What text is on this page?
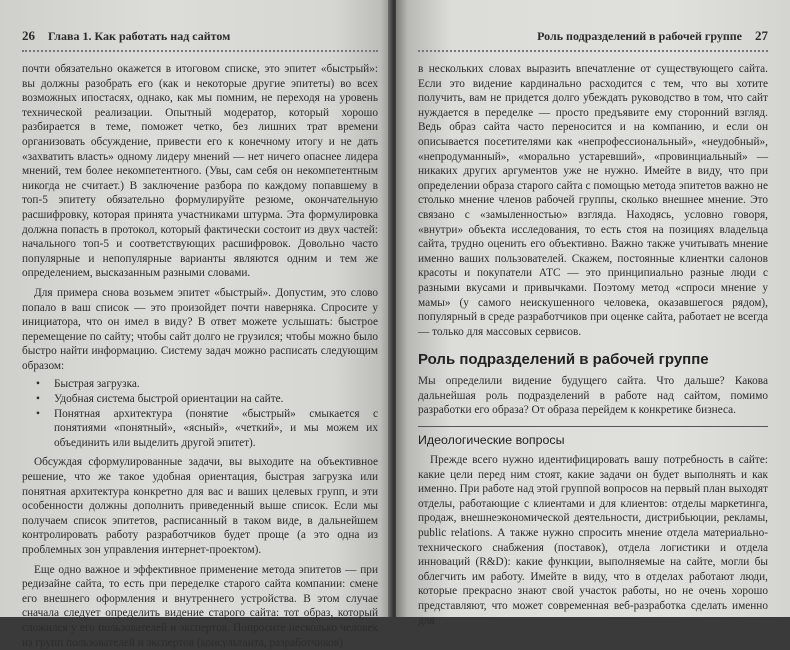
26 Глава 1. Как работать над сайтом

почти обязательно окажется в итоговом списке, это эпитет «быстрый»: вы должны разобрать его (как и некоторые другие эпитеты) во всех возможных ипостасях, однако, как мы помним, не переходя на уровень технической реализации. Опытный модератор, который хорошо разбирается в теме, поможет четко, без лишних трат времени организовать обсуждение, привести его к конечному итогу и не дать «захватить власть» одному лидеру мнений — нет ничего опаснее лидера мнений, тем более некомпетентного. (Увы, сам себя он некомпетентным никогда не считает.) В заключение разбора по каждому попавшему в топ-5 эпитету обязательно формулируйте резюме, окончательную расшифровку, которая принята участниками штурма. Эта формулировка должна попасть в протокол, который фактически состоит из двух частей: начального топ-5 и соответствующих расшифровок. Довольно часто популярные и непопулярные варианты являются одним и тем же определением, высказанным разными словами.

Для примера снова возьмем эпитет «быстрый». Допустим, это слово попало в ваш список — это произойдет почти наверняка. Спросите у инициатора, что он имел в виду? В ответ можете услышать: быстрое перемещение по сайту; чтобы сайт долго не грузился; чтобы можно было быстро найти информацию. Систему задач можно расписать следующим образом:

• Быстрая загрузка.
• Удобная система быстрой ориентации на сайте.
• Понятная архитектура (понятие «быстрый» смыкается с понятиями «понятный», «ясный», «четкий», и мы можем их объединить или выделить другой эпитет).

Обсуждая сформулированные задачи, вы выходите на объективное решение, что же такое удобная ориентация, быстрая загрузка или понятная архитектура конкретно для вас и ваших целевых групп, и эти особенности должны дополнить приведенный выше список. Если мы получаем список эпитетов, расписанный в таком виде, в дальнейшем контролировать работу разработчиков будет проще (а это одна из проблемных зон управления интернет-проектом).

Еще одно важное и эффективное применение метода эпитетов — при редизайне сайта, то есть при переделке старого сайта компании: смене его внешнего оформления и внутреннего устройства. В этом случае сначала следует определить видение старого сайта: тот образ, который сложился у его пользователей и экспертов. Попросите несколько человек из групп пользователей и экспертов (консультанта, разработчиков)

Роль подразделений в рабочей группе 27

в нескольких словах выразить впечатление от существующего сайта. Если это видение кардинально расходится с тем, что вы хотите получить, вам не придется долго убеждать руководство в том, что сайт нуждается в переделке — просто предъявите ему сторонний взгляд. Ведь образ сайта часто переносится и на компанию, и если он описывается посетителями как «непрофессиональный», «неудобный», «непродуманный», «морально устаревший», «провинциальный» — никаких других аргументов уже не нужно. Имейте в виду, что при определении образа старого сайта с помощью метода эпитетов важно не столько мнение членов рабочей группы, сколько внешнее мнение. Это связано с «замыленностью» взгляда. Находясь, условно говоря, «внутри» объекта исследования, то есть стоя на позициях владельца сайта, трудно оценить его объективно. Важно также учитывать мнение именно ваших пользователей. Скажем, постоянные клиентки салонов красоты и покупатели АТС — это принципиально разные люди с разными вкусами и привычками. Поэтому метод «спроси мнение у мамы» (у самого неискушенного человека, оказавшегося рядом), популярный в среде разработчиков при оценке сайта, работает не всегда — только для массовых сервисов.

Роль подразделений в рабочей группе

Мы определили видение будущего сайта. Что дальше? Какова дальнейшая роль подразделений в работе над сайтом, помимо разработки его образа? От образа перейдем к конкретике бизнеса.

Идеологические вопросы

Прежде всего нужно идентифицировать вашу потребность в сайте: какие цели перед ним стоят, какие задачи он будет выполнять и как именно. При работе над этой группой вопросов на первый план выходят отделы, работающие с клиентами и для клиентов: отделы маркетинга, продаж, внешнеэкономической деятельности, дистрибьюции, рекламы, public relations. А также нужно спросить мнение отдела материально-технического снабжения (поставок), отдела логистики и отдела инноваций (R&D): какие функции, выполняемые на сайте, могли бы облегчить им работу. Имейте в виду, что в отделах работают люди, которые прекрасно знают свой участок работы, но не очень хорошо представляют, что может современная веб-разработка сделать именно для
